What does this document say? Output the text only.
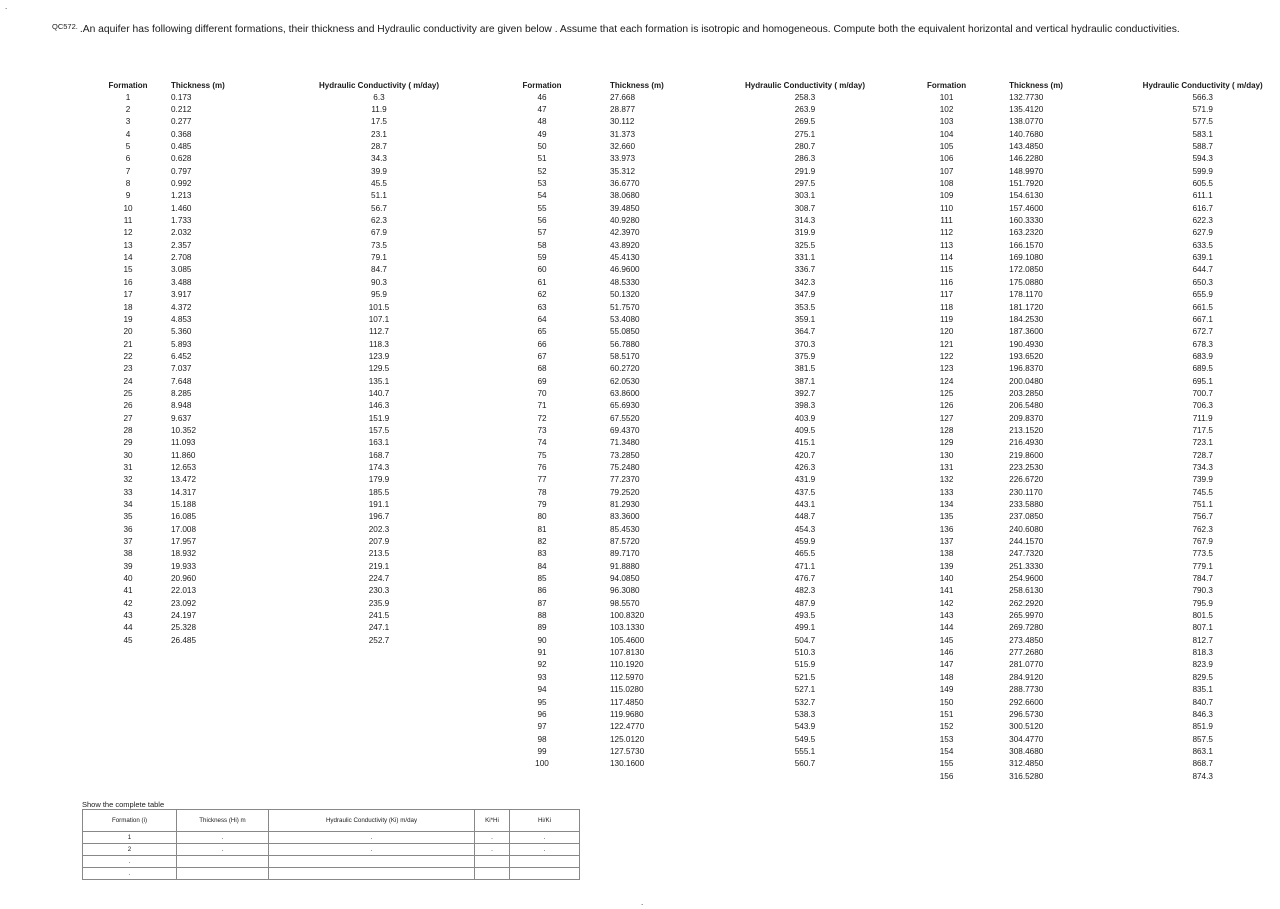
.
$^{QC572.}$ .An aquifer has following different formations, their thickness and Hydraulic conductivity are given below . Assume that each formation is isotropic and homogeneous. Compute both the equivalent horizontal and vertical hydraulic conductivities.
Formation	Thickness (m)	Hydraulic Conductivity ( m/day)
1	0.173	6.3
2	0.212	11.9
3	0.277	17.5
4	0.368	23.1
5	0.485	28.7
6	0.628	34.3
7	0.797	39.9
8	0.992	45.5
9	1.213	51.1
10	1.460	56.7
11	1.733	62.3
12	2.032	67.9
13	2.357	73.5
14	2.708	79.1
15	3.085	84.7
16	3.488	90.3
17	3.917	95.9
18	4.372	101.5
19	4.853	107.1
20	5.360	112.7
21	5.893	118.3
22	6.452	123.9
23	7.037	129.5
24	7.648	135.1
25	8.285	140.7
26	8.948	146.3
27	9.637	151.9
28	10.352	157.5
29	11.093	163.1
30	11.860	168.7
31	12.653	174.3
32	13.472	179.9
33	14.317	185.5
34	15.188	191.1
35	16.085	196.7
36	17.008	202.3
37	17.957	207.9
38	18.932	213.5
39	19.933	219.1
40	20.960	224.7
41	22.013	230.3
42	23.092	235.9
43	24.197	241.5
44	25.328	247.1
45	26.485	252.7
Formation	Thickness (m)	Hydraulic Conductivity ( m/day)
46	27.668	258.3
47	28.877	263.9
48	30.112	269.5
49	31.373	275.1
50	32.660	280.7
51	33.973	286.3
52	35.312	291.9
53	36.6770	297.5
54	38.0680	303.1
55	39.4850	308.7
56	40.9280	314.3
57	42.3970	319.9
58	43.8920	325.5
59	45.4130	331.1
60	46.9600	336.7
61	48.5330	342.3
62	50.1320	347.9
63	51.7570	353.5
64	53.4080	359.1
65	55.0850	364.7
66	56.7880	370.3
67	58.5170	375.9
68	60.2720	381.5
69	62.0530	387.1
70	63.8600	392.7
71	65.6930	398.3
72	67.5520	403.9
73	69.4370	409.5
74	71.3480	415.1
75	73.2850	420.7
76	75.2480	426.3
77	77.2370	431.9
78	79.2520	437.5
79	81.2930	443.1
80	83.3600	448.7
81	85.4530	454.3
82	87.5720	459.9
83	89.7170	465.5
84	91.8880	471.1
85	94.0850	476.7
86	96.3080	482.3
87	98.5570	487.9
88	100.8320	493.5
89	103.1330	499.1
90	105.4600	504.7
91	107.8130	510.3
92	110.1920	515.9
93	112.5970	521.5
94	115.0280	527.1
95	117.4850	532.7
96	119.9680	538.3
97	122.4770	543.9
98	125.0120	549.5
99	127.5730	555.1
100	130.1600	560.7
Formation	Thickness (m)	Hydraulic Conductivity ( m/day)
101	132.7730	566.3
102	135.4120	571.9
103	138.0770	577.5
104	140.7680	583.1
105	143.4850	588.7
106	146.2280	594.3
107	148.9970	599.9
108	151.7920	605.5
109	154.6130	611.1
110	157.4600	616.7
111	160.3330	622.3
112	163.2320	627.9
113	166.1570	633.5
114	169.1080	639.1
115	172.0850	644.7
116	175.0880	650.3
117	178.1170	655.9
118	181.1720	661.5
119	184.2530	667.1
120	187.3600	672.7
121	190.4930	678.3
122	193.6520	683.9
123	196.8370	689.5
124	200.0480	695.1
125	203.2850	700.7
126	206.5480	706.3
127	209.8370	711.9
128	213.1520	717.5
129	216.4930	723.1
130	219.8600	728.7
131	223.2530	734.3
132	226.6720	739.9
133	230.1170	745.5
134	233.5880	751.1
135	237.0850	756.7
136	240.6080	762.3
137	244.1570	767.9
138	247.7320	773.5
139	251.3330	779.1
140	254.9600	784.7
141	258.6130	790.3
142	262.2920	795.9
143	265.9970	801.5
144	269.7280	807.1
145	273.4850	812.7
146	277.2680	818.3
147	281.0770	823.9
148	284.9120	829.5
149	288.7730	835.1
150	292.6600	840.7
151	296.5730	846.3
152	300.5120	851.9
153	304.4770	857.5
154	308.4680	863.1
155	312.4850	868.7
156	316.5280	874.3
Show the complete table
Formation (i)	Thickness (Hi) m	Hydraulic Conductivity (Ki) m/day	Ki*Hi	Hi/Ki
1	.	.	.	.
2	.	.	.	.
.				
.				
.
